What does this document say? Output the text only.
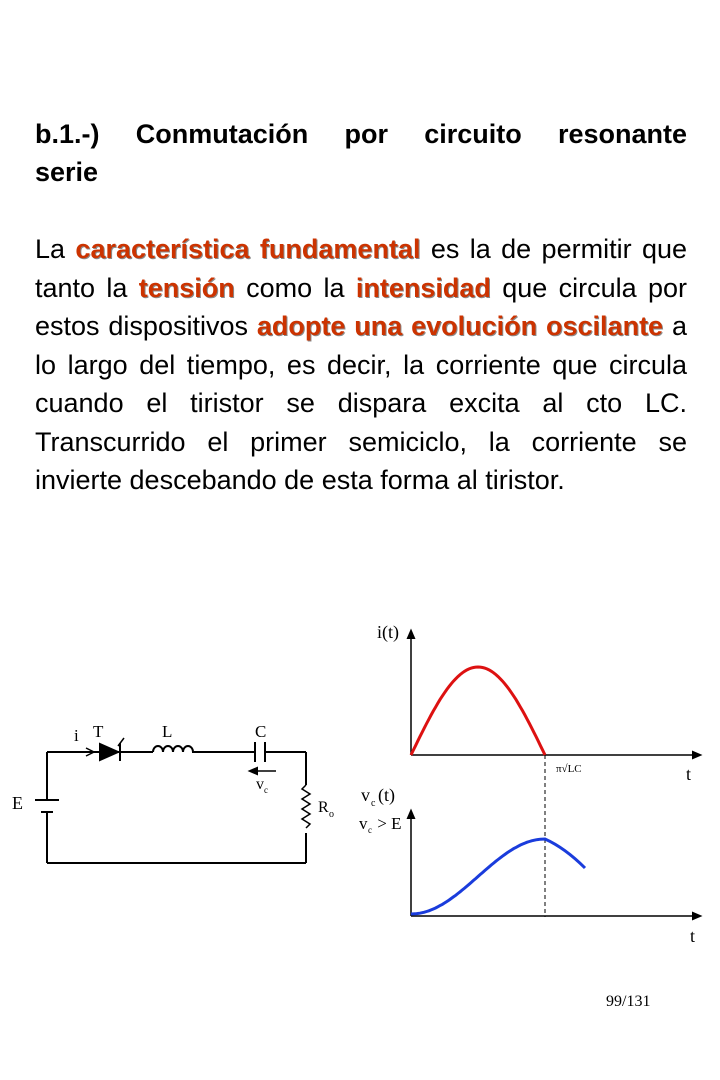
b.1.-) Conmutación por circuito resonante
serie
La característica fundamental es la de permitir que tanto la tensión como la intensidad que circula por estos dispositivos adopte una evolución oscilante a lo largo del tiempo, es decir, la corriente que circula cuando el tiristor se dispara excita al cto LC. Transcurrido el primer semiciclo, la corriente se invierte descebando de esta forma al tiristor.
i T	L	C
E	R o
v c
i(t)
t
π√LC
v c (t)
v c > E
t
99/131
